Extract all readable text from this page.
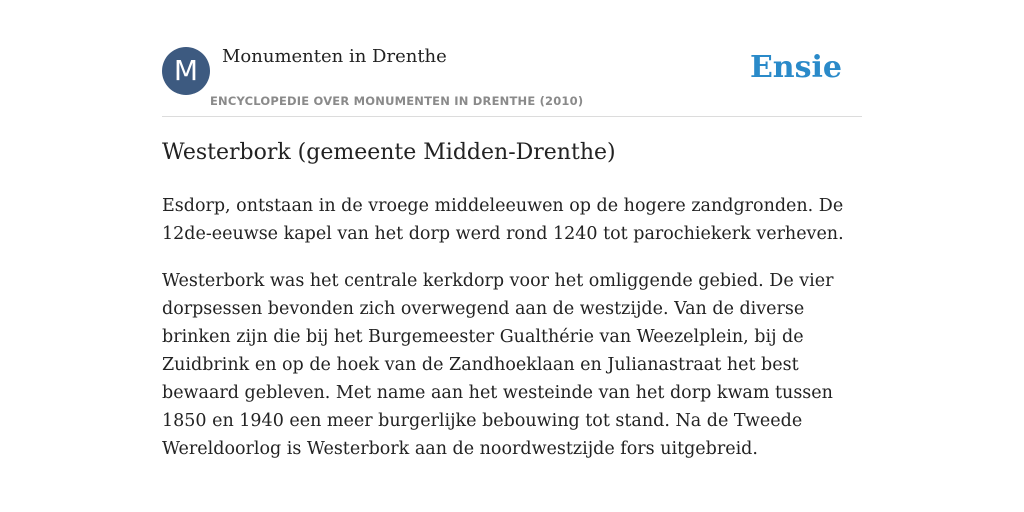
M	Monumenten in Drenthe
ENCYCLOPEDIE OVER MONUMENTEN IN DRENTHE (2010)
Ensie
Westerbork (gemeente Midden-Drenthe)

Esdorp, ontstaan in de vroege middeleeuwen op de hogere zandgronden. De 12de-eeuwse kapel van het dorp werd rond 1240 tot parochiekerk verheven.

Westerbork was het centrale kerkdorp voor het omliggende gebied. De vier dorpsessen bevonden zich overwegend aan de westzijde. Van de diverse brinken zijn die bij het Burgemeester Gualthérie van Weezelplein, bij de Zuidbrink en op de hoek van de Zandhoeklaan en Julianastraat het best bewaard gebleven. Met name aan het westeinde van het dorp kwam tussen 1850 en 1940 een meer burgerlijke bebouwing tot stand. Na de Tweede Wereldoorlog is Westerbork aan de noordwestzijde fors uitgebreid.
